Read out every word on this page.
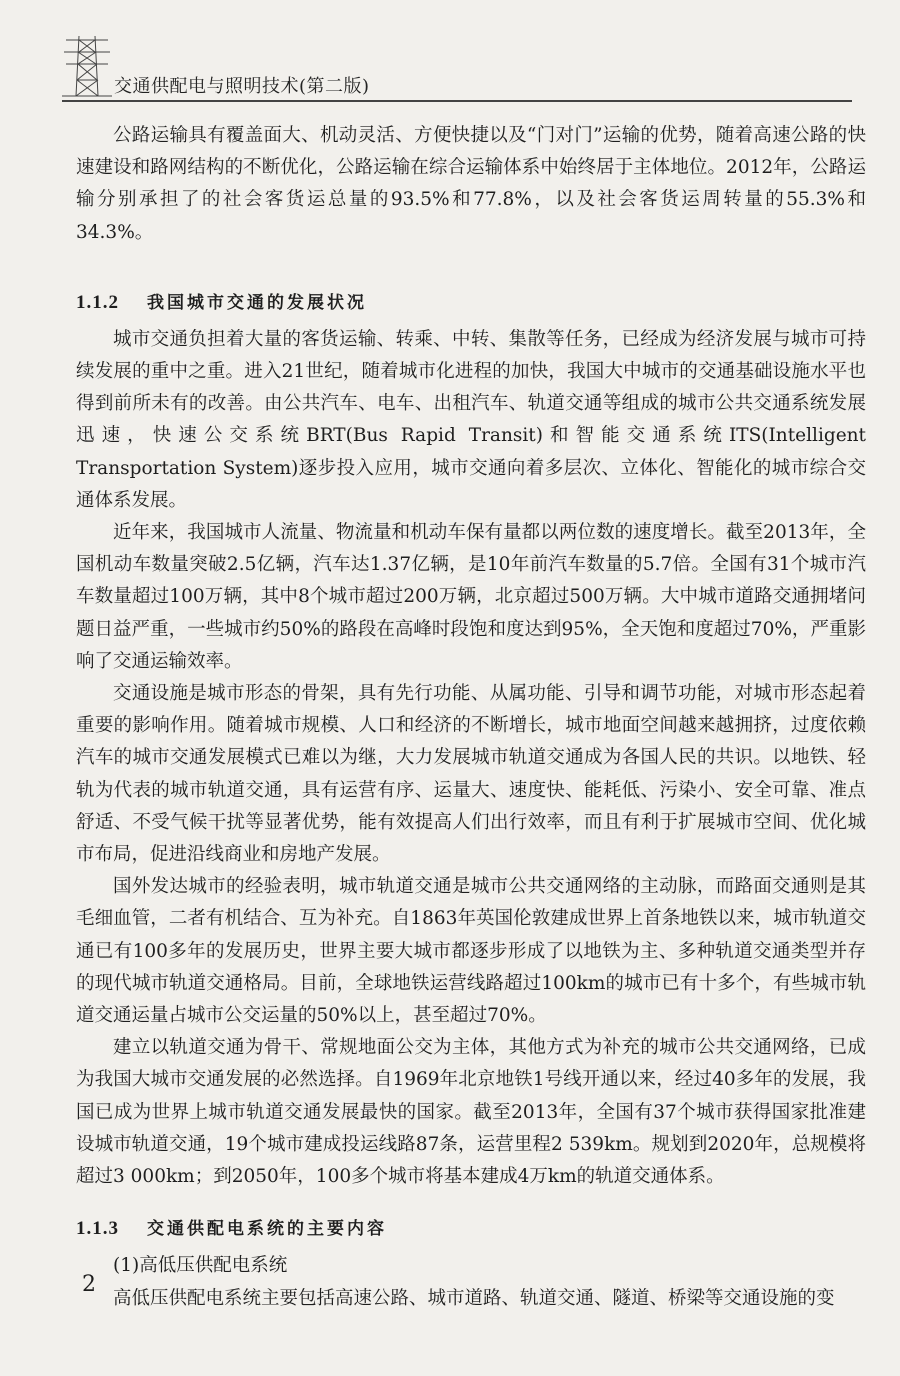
交通供配电与照明技术(第二版)

公路运输具有覆盖面大、机动灵活、方便快捷以及“门对门”运输的优势，随着高速公路的快速建设和路网结构的不断优化，公路运输在综合运输体系中始终居于主体地位。2012年，公路运输分别承担了的社会客货运总量的93.5%和77.8%，以及社会客货运周转量的55.3%和34.3%。

1.1.2 我国城市交通的发展状况

城市交通负担着大量的客货运输、转乘、中转、集散等任务，已经成为经济发展与城市可持续发展的重中之重。进入21世纪，随着城市化进程的加快，我国大中城市的交通基础设施水平也得到前所未有的改善。由公共汽车、电车、出租汽车、轨道交通等组成的城市公共交通系统发展迅速，快速公交系统BRT(Bus Rapid Transit)和智能交通系统ITS(Intelligent Transportation System)逐步投入应用，城市交通向着多层次、立体化、智能化的城市综合交通体系发展。

近年来，我国城市人流量、物流量和机动车保有量都以两位数的速度增长。截至2013年，全国机动车数量突破2.5亿辆，汽车达1.37亿辆，是10年前汽车数量的5.7倍。全国有31个城市汽车数量超过100万辆，其中8个城市超过200万辆，北京超过500万辆。大中城市道路交通拥堵问题日益严重，一些城市约50%的路段在高峰时段饱和度达到95%，全天饱和度超过70%，严重影响了交通运输效率。

交通设施是城市形态的骨架，具有先行功能、从属功能、引导和调节功能，对城市形态起着重要的影响作用。随着城市规模、人口和经济的不断增长，城市地面空间越来越拥挤，过度依赖汽车的城市交通发展模式已难以为继，大力发展城市轨道交通成为各国人民的共识。以地铁、轻轨为代表的城市轨道交通，具有运营有序、运量大、速度快、能耗低、污染小、安全可靠、准点舒适、不受气候干扰等显著优势，能有效提高人们出行效率，而且有利于扩展城市空间、优化城市布局，促进沿线商业和房地产发展。

国外发达城市的经验表明，城市轨道交通是城市公共交通网络的主动脉，而路面交通则是其毛细血管，二者有机结合、互为补充。自1863年英国伦敦建成世界上首条地铁以来，城市轨道交通已有100多年的发展历史，世界主要大城市都逐步形成了以地铁为主、多种轨道交通类型并存的现代城市轨道交通格局。目前，全球地铁运营线路超过100km的城市已有十多个，有些城市轨道交通运量占城市公交运量的50%以上，甚至超过70%。

建立以轨道交通为骨干、常规地面公交为主体，其他方式为补充的城市公共交通网络，已成为我国大城市交通发展的必然选择。自1969年北京地铁1号线开通以来，经过40多年的发展，我国已成为世界上城市轨道交通发展最快的国家。截至2013年，全国有37个城市获得国家批准建设城市轨道交通，19个城市建成投运线路87条，运营里程2 539km。规划到2020年，总规模将超过3 000km；到2050年，100多个城市将基本建成4万km的轨道交通体系。

1.1.3 交通供配电系统的主要内容

(1)高低压供配电系统

高低压供配电系统主要包括高速公路、城市道路、轨道交通、隧道、桥梁等交通设施的变

2
